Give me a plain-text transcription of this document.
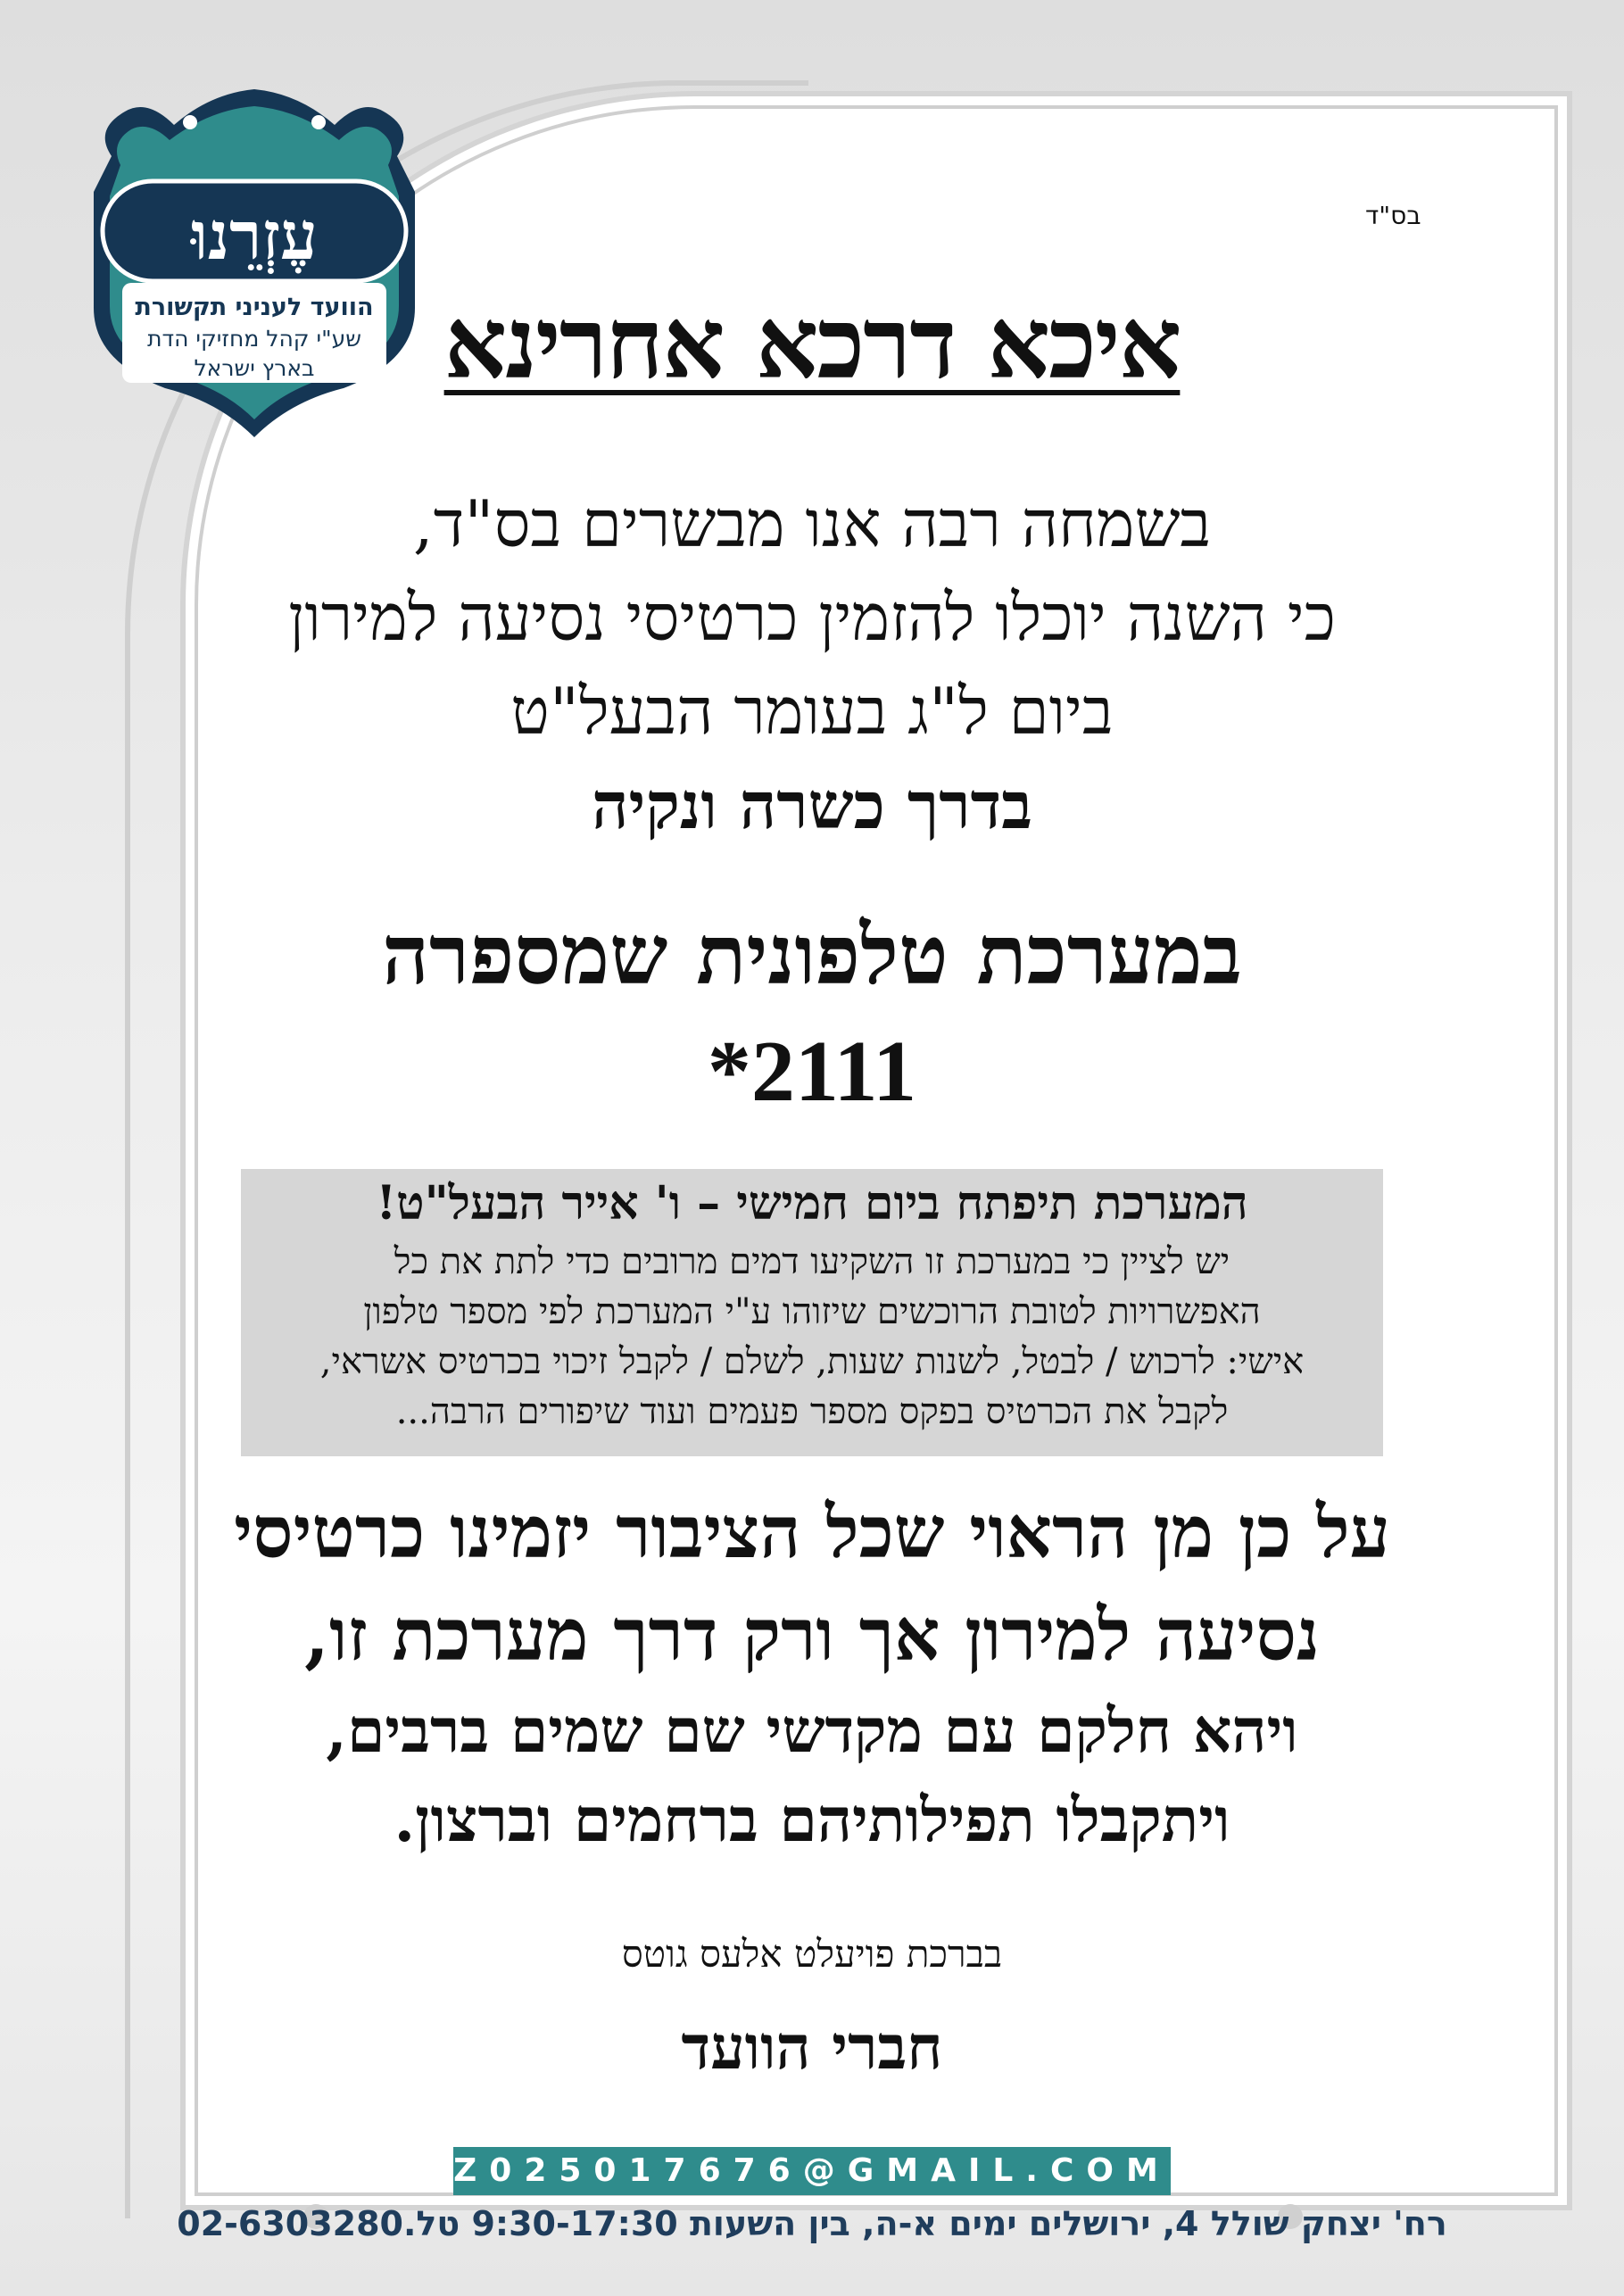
עֶזְרֵנוּ
הוועד לעניני תקשורת
שע"י קהל מחזיקי הדת
בארץ ישראל
בס"ד
איכא דרכא אחרינא
בשמחה רבה אנו מבשרים בס"ד,
כי השנה יוכלו להזמין כרטיסי נסיעה למירון
ביום ל"ג בעומר הבעל"ט
בדרך כשרה ונקיה
במערכת טלפונית שמספרה
*2111
המערכת תיפתח ביום חמישי – ו' אייר הבעל"ט!
יש לציין כי במערכת זו השקיעו דמים מרובים כדי לתת את כל
האפשרויות לטובת הרוכשים שיזוהו ע"י המערכת לפי מספר טלפון
אישי: לרכוש / לבטל, לשנות שעות, לשלם / לקבל זיכוי בכרטיס אשראי,
לקבל את הכרטיס בפקס מספר פעמים ועוד שיפורים הרבה...
על כן מן הראוי שכל הציבור יזמינו כרטיסי
נסיעה למירון אך ורק דרך מערכת זו,
ויהא חלקם עם מקדשי שם שמים ברבים,
ויתקבלו תפילותיהם ברחמים וברצון.
בברכת פויעלט אלעס גוטס
חברי הוועד
Z025017676@GMAIL.COM
רח' יצחק שולל 4, ירושלים ימים א-ה, בין השעות 9:30-17:30 טל.02-6303280
